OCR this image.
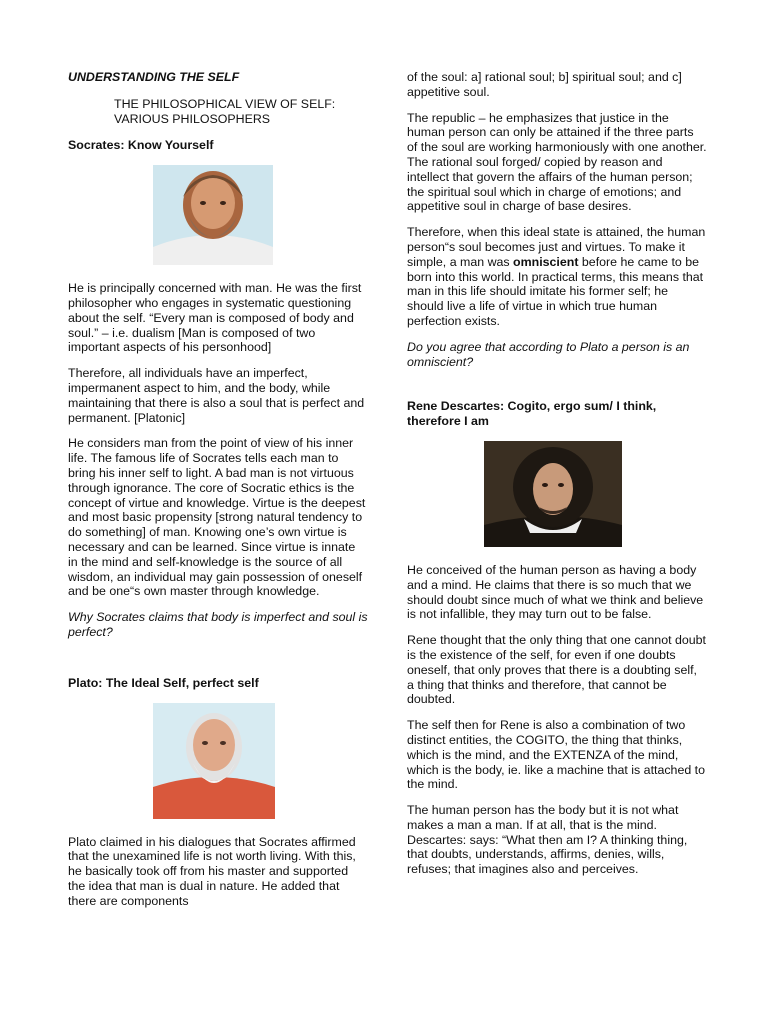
UNDERSTANDING THE SELF

THE PHILOSOPHICAL VIEW OF SELF: VARIOUS PHILOSOPHERS

Socrates: Know Yourself

He is principally concerned with man. He was the first philosopher who engages in systematic questioning about the self. “Every man is composed of body and soul.” – i.e. dualism [Man is composed of two important aspects of his personhood]

Therefore, all individuals have an imperfect, impermanent aspect to him, and the body, while maintaining that there is also a soul that is perfect and permanent. [Platonic]

He considers man from the point of view of his inner life. The famous life of Socrates tells each man to bring his inner self to light. A bad man is not virtuous through ignorance. The core of Socratic ethics is the concept of virtue and knowledge. Virtue is the deepest and most basic propensity [strong natural tendency to do something] of man. Knowing one’s own virtue is necessary and can be learned. Since virtue is innate in the mind and self-knowledge is the source of all wisdom, an individual may gain possession of oneself and be one“s own master through knowledge.

Why Socrates claims that body is imperfect and soul is perfect?

Plato: The Ideal Self, perfect self

Plato claimed in his dialogues that Socrates affirmed that the unexamined life is not worth living. With this, he basically took off from his master and supported the idea that man is dual in nature. He added that there are components

of the soul: a] rational soul; b] spiritual soul; and c] appetitive soul.

The republic – he emphasizes that justice in the human person can only be attained if the three parts of the soul are working harmoniously with one another. The rational soul forged/ copied by reason and intellect that govern the affairs of the human person; the spiritual soul which in charge of emotions; and appetitive soul in charge of base desires.

Therefore, when this ideal state is attained, the human person“s soul becomes just and virtues. To make it simple, a man was omniscient before he came to be born into this world. In practical terms, this means that man in this life should imitate his former self; he should live a life of virtue in which true human perfection exists.

Do you agree that according to Plato a person is an omniscient?

Rene Descartes: Cogito, ergo sum/ I think, therefore I am

He conceived of the human person as having a body and a mind. He claims that there is so much that we should doubt since much of what we think and believe is not infallible, they may turn out to be false.

Rene thought that the only thing that one cannot doubt is the existence of the self, for even if one doubts oneself, that only proves that there is a doubting self, a thing that thinks and therefore, that cannot be doubted.

The self then for Rene is also a combination of two distinct entities, the COGITO, the thing that thinks, which is the mind, and the EXTENZA of the mind, which is the body, ie. like a machine that is attached to the mind.

The human person has the body but it is not what makes a man a man. If at all, that is the mind. Descartes: says: “What then am I? A thinking thing, that doubts, understands, affirms, denies, wills, refuses; that imagines also and perceives.
